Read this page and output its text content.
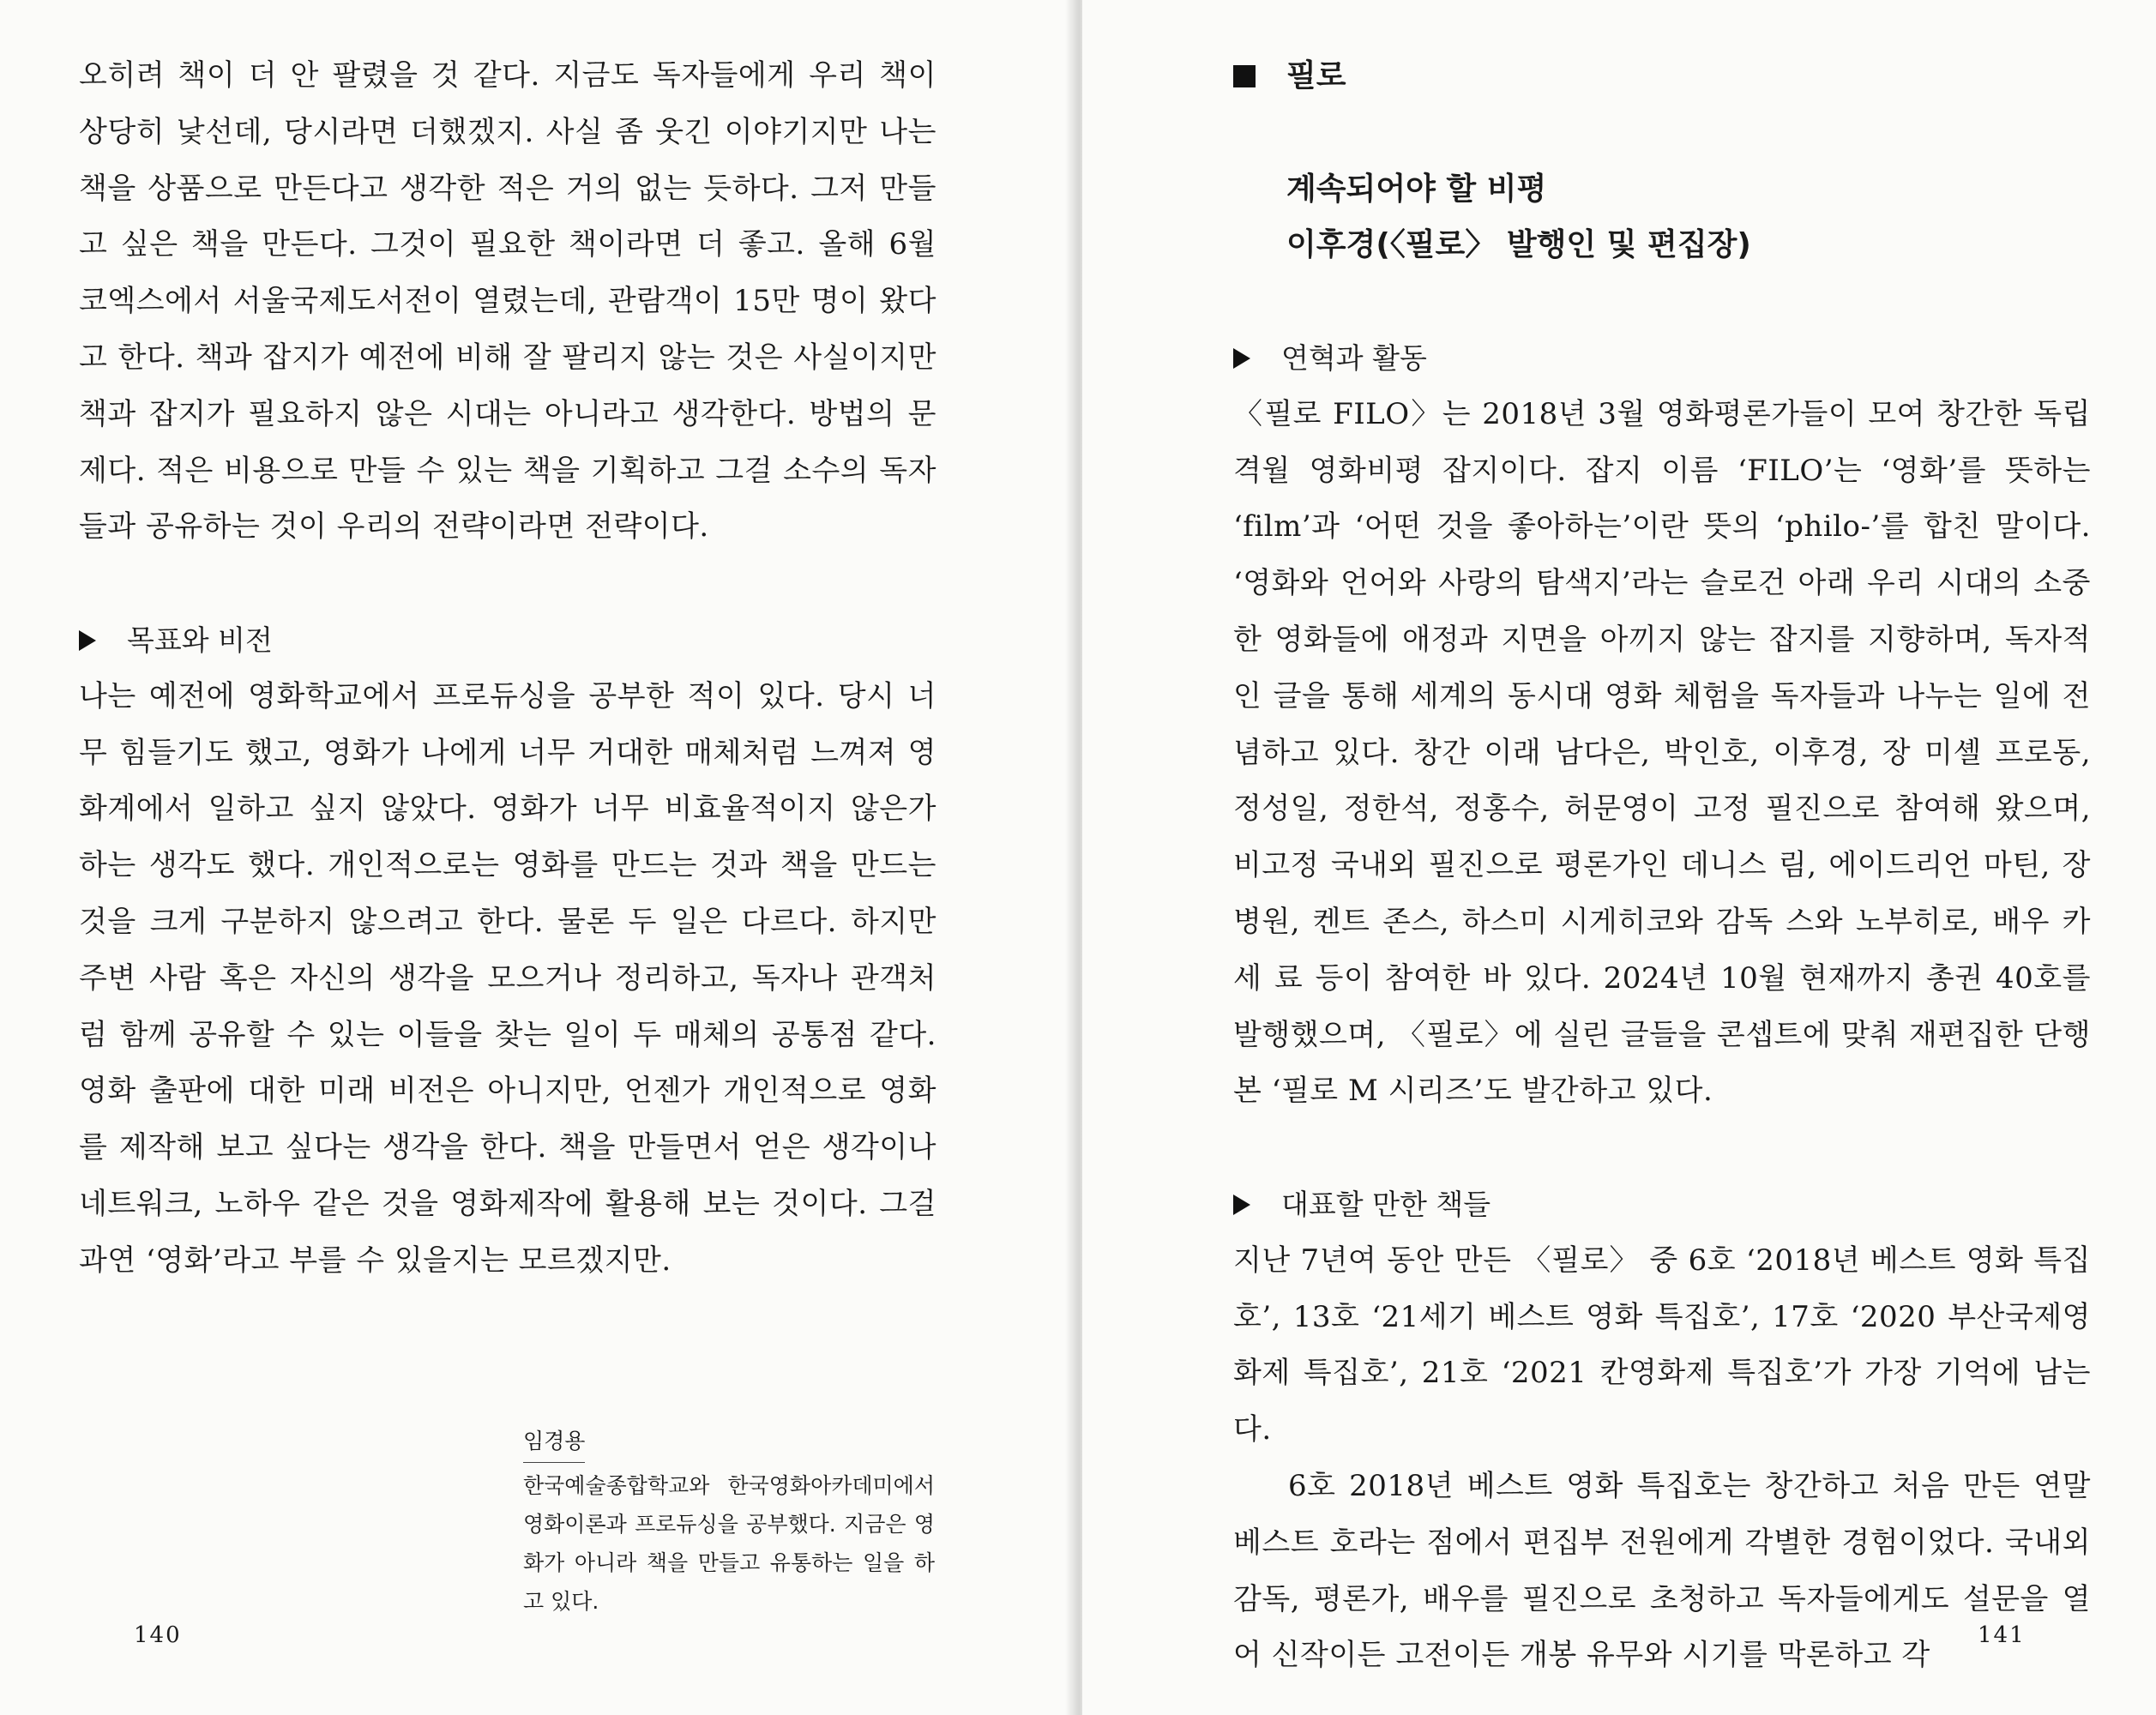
오히려 책이 더 안 팔렸을 것 같다. 지금도 독자들에게 우리 책이 상당히 낯선데, 당시라면 더했겠지. 사실 좀 웃긴 이야기지만 나는 책을 상품으로 만든다고 생각한 적은 거의 없는 듯하다. 그저 만들고 싶은 책을 만든다. 그것이 필요한 책이라면 더 좋고. 올해 6월 코엑스에서 서울국제도서전이 열렸는데, 관람객이 15만 명이 왔다고 한다. 책과 잡지가 예전에 비해 잘 팔리지 않는 것은 사실이지만 책과 잡지가 필요하지 않은 시대는 아니라고 생각한다. 방법의 문제다. 적은 비용으로 만들 수 있는 책을 기획하고 그걸 소수의 독자들과 공유하는 것이 우리의 전략이라면 전략이다.

목표와 비전

나는 예전에 영화학교에서 프로듀싱을 공부한 적이 있다. 당시 너무 힘들기도 했고, 영화가 나에게 너무 거대한 매체처럼 느껴져 영화계에서 일하고 싶지 않았다. 영화가 너무 비효율적이지 않은가 하는 생각도 했다. 개인적으로는 영화를 만드는 것과 책을 만드는 것을 크게 구분하지 않으려고 한다. 물론 두 일은 다르다. 하지만 주변 사람 혹은 자신의 생각을 모으거나 정리하고, 독자나 관객처럼 함께 공유할 수 있는 이들을 찾는 일이 두 매체의 공통점 같다. 영화 출판에 대한 미래 비전은 아니지만, 언젠가 개인적으로 영화를 제작해 보고 싶다는 생각을 한다. 책을 만들면서 얻은 생각이나 네트워크, 노하우 같은 것을 영화제작에 활용해 보는 것이다. 그걸 과연 ‘영화’라고 부를 수 있을지는 모르겠지만.

임경용
한국예술종합학교와 한국영화아카데미에서 영화이론과 프로듀싱을 공부했다. 지금은 영화가 아니라 책을 만들고 유통하는 일을 하고 있다.
140
필로
계속되어야 할 비평
이후경(〈필로〉 발행인 및 편집장)
연혁과 활동

〈필로 FILO〉는 2018년 3월 영화평론가들이 모여 창간한 독립 격월 영화비평 잡지이다. 잡지 이름 ‘FILO’는 ‘영화’를 뜻하는 ‘film’과 ‘어떤 것을 좋아하는’이란 뜻의 ‘philo-’를 합친 말이다. ‘영화와 언어와 사랑의 탐색지’라는 슬로건 아래 우리 시대의 소중한 영화들에 애정과 지면을 아끼지 않는 잡지를 지향하며, 독자적인 글을 통해 세계의 동시대 영화 체험을 독자들과 나누는 일에 전념하고 있다. 창간 이래 남다은, 박인호, 이후경, 장 미셸 프로동, 정성일, 정한석, 정홍수, 허문영이 고정 필진으로 참여해 왔으며, 비고정 국내외 필진으로 평론가인 데니스 림, 에이드리언 마틴, 장병원, 켄트 존스, 하스미 시게히코와 감독 스와 노부히로, 배우 카세 료 등이 참여한 바 있다. 2024년 10월 현재까지 총권 40호를 발행했으며, 〈필로〉에 실린 글들을 콘셉트에 맞춰 재편집한 단행본 ‘필로 M 시리즈’도 발간하고 있다.

대표할 만한 책들

지난 7년여 동안 만든 〈필로〉 중 6호 ‘2018년 베스트 영화 특집호’, 13호 ‘21세기 베스트 영화 특집호’, 17호 ‘2020 부산국제영화제 특집호’, 21호 ‘2021 칸영화제 특집호’가 가장 기억에 남는다.

6호 2018년 베스트 영화 특집호는 창간하고 처음 만든 연말 베스트 호라는 점에서 편집부 전원에게 각별한 경험이었다. 국내외 감독, 평론가, 배우를 필진으로 초청하고 독자들에게도 설문을 열어 신작이든 고전이든 개봉 유무와 시기를 막론하고 각

141
